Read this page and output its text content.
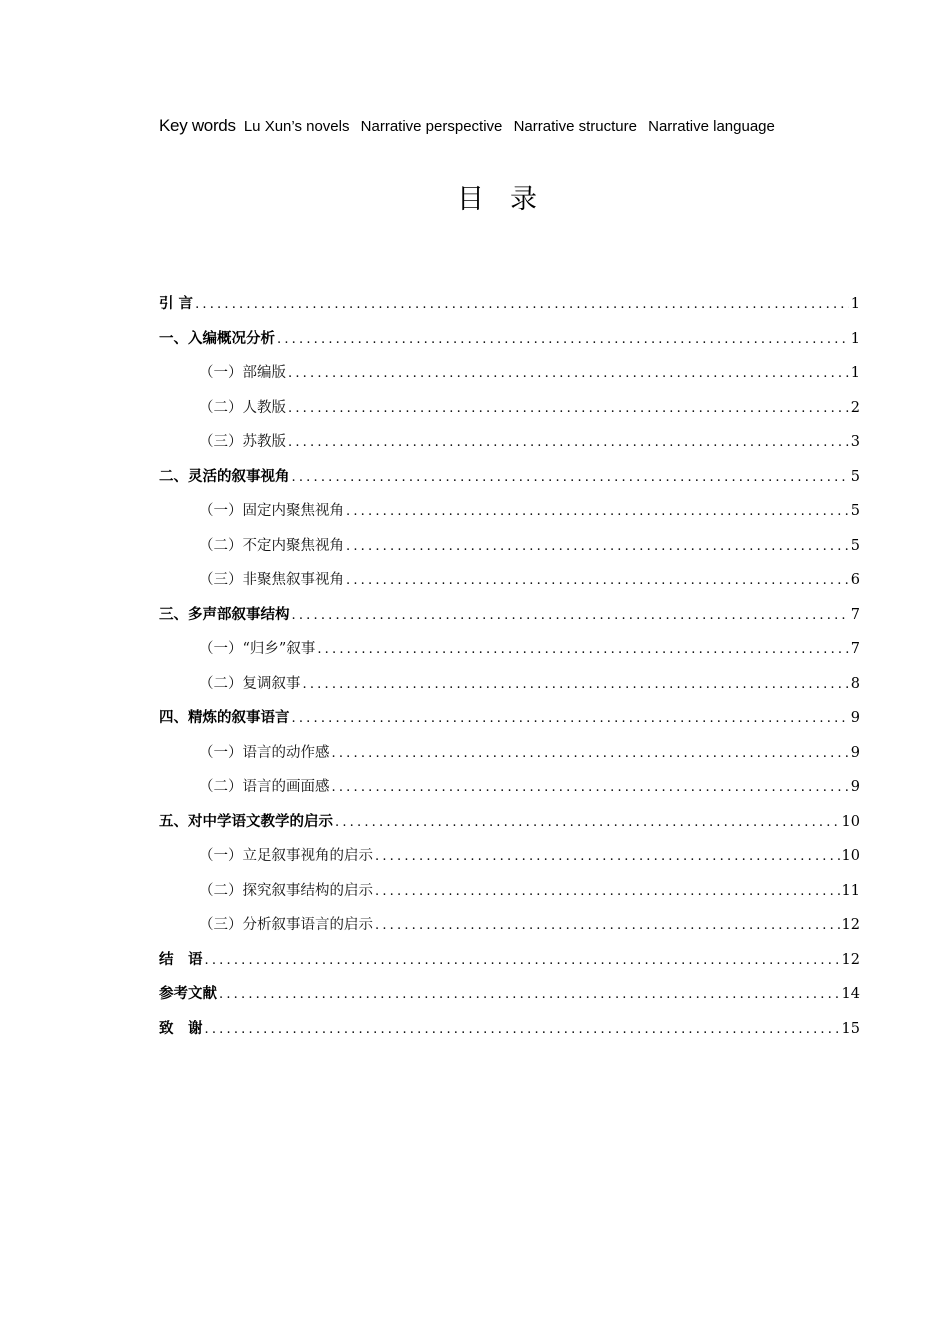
Key words Lu Xun’s novels Narrative perspective Narrative structure Narrative language
目录
引 言 .....	1
一、入编概况分析 .....	1
（一）部编版 .....	1
（二）人教版 .....	2
（三）苏教版 .....	3
二、灵活的叙事视角 .....	5
（一）固定内聚焦视角 .....	5
（二）不定内聚焦视角 .....	5
（三）非聚焦叙事视角 .....	6
三、多声部叙事结构 .....	7
（一）“归乡”叙事 .....	7
（二）复调叙事 .....	8
四、精炼的叙事语言 .....	9
（一）语言的动作感 .....	9
（二）语言的画面感 .....	9
五、对中学语文教学的启示 .....	10
（一）立足叙事视角的启示 .....	10
（二）探究叙事结构的启示 .....	11
（三）分析叙事语言的启示 .....	12
结　语 .....	12
参考文献 .....	14
致　谢 .....	15
